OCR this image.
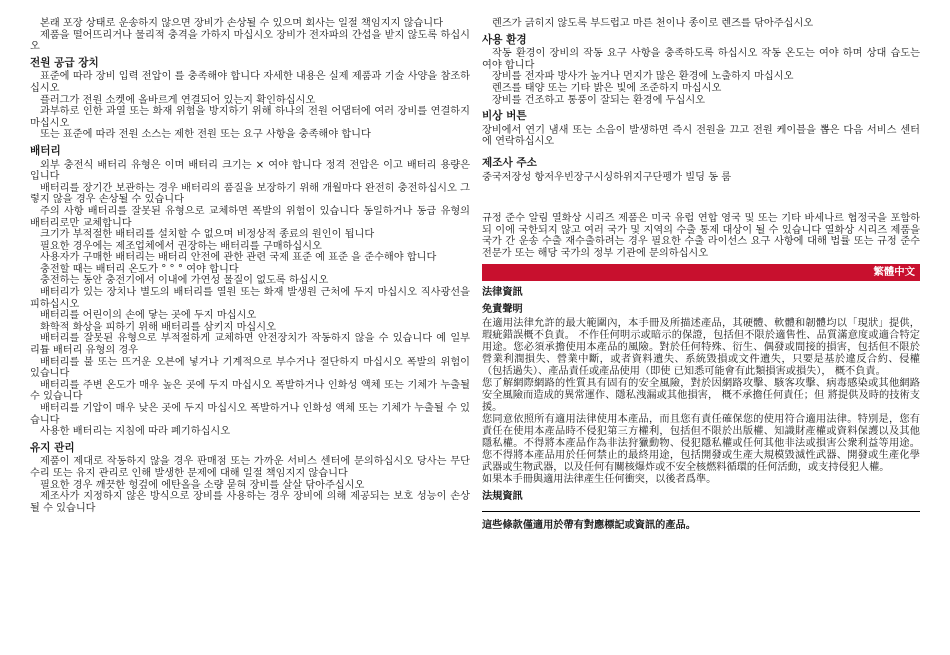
본래 포장 상태로 운송하지 않으면 장비가 손상될 수 있으며 회사는 일절 책임지지 않습니다

제품을 떨어뜨리거나 물리적 충격을 가하지 마십시오 장비가 전자파의 간섭을 받지 않도록 하십시오

전원 공급 장치

표준에 따라 장비 입력 전압이 를 충족해야 합니다 자세한 내용은 실제 제품과 기술 사양을 참조하십시오

플러그가 전원 소켓에 올바르게 연결되어 있는지 확인하십시오

과부하로 인한 과열 또는 화재 위험을 방지하기 위해 하나의 전원 어댑터에 여러 장비를 연결하지 마십시오

또는 표준에 따라 전원 소스는 제한 전원 또는 요구 사항을 충족해야 합니다

배터리

외부 충전식 배터리 유형은 이며 배터리 크기는 × 여야 합니다 정격 전압은 이고 배터리 용량은 입니다

배터리를 장기간 보관하는 경우 배터리의 품질을 보장하기 위해 개월마다 완전히 충전하십시오 그렇지 않을 경우 손상될 수 있습니다

주의 사항 배터리를 잘못된 유형으로 교체하면 폭발의 위험이 있습니다 동일하거나 동급 유형의 배터리로만 교체합니다

크기가 부적절한 배터리를 설치할 수 없으며 비정상적 종료의 원인이 됩니다

필요한 경우에는 제조업체에서 권장하는 배터리를 구매하십시오

사용자가 구매한 배터리는 배터리 안전에 관한 관련 국제 표준 예 표준 을 준수해야 합니다

충전할 때는 배터리 온도가 ° ° ° 여야 합니다

충전하는 동안 충전기에서 이내에 가연성 물질이 없도록 하십시오

배터리가 있는 장치나 별도의 배터리를 열원 또는 화재 발생원 근처에 두지 마십시오 직사광선을 피하십시오

배터리를 어린이의 손에 닿는 곳에 두지 마십시오

화학적 화상을 피하기 위해 배터리를 삼키지 마십시오

배터리를 잘못된 유형으로 부적절하게 교체하면 안전장치가 작동하지 않을 수 있습니다 예 일부 리튬 배터리 유형의 경우

배터리를 불 또는 뜨거운 오븐에 넣거나 기계적으로 부수거나 절단하지 마십시오 폭발의 위험이 있습니다

배터리를 주변 온도가 매우 높은 곳에 두지 마십시오 폭발하거나 인화성 액체 또는 기체가 누출될 수 있습니다

배터리를 기압이 매우 낮은 곳에 두지 마십시오 폭발하거나 인화성 액체 또는 기체가 누출될 수 있습니다

사용한 배터리는 지침에 따라 폐기하십시오

유지 관리

제품이 제대로 작동하지 않을 경우 판매점 또는 가까운 서비스 센터에 문의하십시오 당사는 무단 수리 또는 유지 관리로 인해 발생한 문제에 대해 일절 책임지지 않습니다

필요한 경우 깨끗한 헝겊에 에탄올을 소량 묻혀 장비를 살살 닦아주십시오

제조사가 지정하지 않은 방식으로 장비를 사용하는 경우 장비에 의해 제공되는 보호 성능이 손상될 수 있습니다

렌즈가 긁히지 않도록 부드럽고 마른 천이나 종이로 렌즈를 닦아주십시오

사용 환경

작동 환경이 장비의 작동 요구 사항을 충족하도록 하십시오 작동 온도는 여야 하며 상대 습도는 여야 합니다

장비를 전자파 방사가 높거나 먼지가 많은 환경에 노출하지 마십시오

렌즈를 태양 또는 기타 밝은 빛에 조준하지 마십시오

장비를 건조하고 통풍이 잘되는 환경에 두십시오

비상 버튼

장비에서 연기 냄새 또는 소음이 발생하면 즉시 전원을 끄고 전원 케이블을 뽑은 다음 서비스 센터에 연락하십시오

제조사 주소

중국저장성 항저우빈장구시싱하위지구단펭가 빌딩 동 룸

규정 준수 알림 열화상 시리즈 제품은 미국 유럽 연합 영국 및 또는 기타 바세나르 협정국을 포함하되 이에 국한되지 않고 여러 국가 및 지역의 수출 통제 대상이 될 수 있습니다 열화상 시리즈 제품을 국가 간 운송 수출 재수출하려는 경우 필요한 수출 라이선스 요구 사항에 대해 법률 또는 규정 준수 전문가 또는 해당 국가의 정부 기관에 문의하십시오

繁體中文
法律資訊
免責聲明

在適用法律允許的最大範圍內，本手冊及所描述產品，其硬體、軟體和韌體均以「現狀」提供，瑕疵錯誤概不負責。 不作任何明示或暗示的保證，包括但不限於適售性、品質滿意度或適合特定用途。您必須承擔使用本產品的風險。對於任何特殊、衍生、偶發或間接的損害，包括但不限於營業利潤損失、營業中斷，或者資料遺失、系統毀損或文件遺失，只要是基於違反合約、侵權（包括過失）、產品責任或產品使用（即使 已知悉可能會有此類損害或損失）， 概不負責。

您了解網際網路的性質具有固有的安全風險，對於因網路攻擊、駭客攻擊、病毒感染或其他網路安全風險而造成的異常運作、隱私洩漏或其他損害， 概不承擔任何責任；但 將提供及時的技術支援。

您同意依照所有適用法律使用本產品，而且您有責任確保您的使用符合適用法律。特別是，您有責任在使用本產品時不侵犯第三方權利，包括但不限於出版權、知識財產權或資料保護以及其他隱私權。不得將本產品作為非法狩獵動物、侵犯隱私權或任何其他非法或損害公衆利益等用途。您不得將本產品用於任何禁止的最終用途，包括開發或生產大規模毀滅性武器、開發或生產化學武器或生物武器，以及任何有關核爆炸或不安全核燃料循環的任何活動，或支持侵犯人權。

如果本手冊與適用法律產生任何衝突，以後者爲準。

法規資訊

這些條款僅適用於帶有對應標記或資訊的產品。
